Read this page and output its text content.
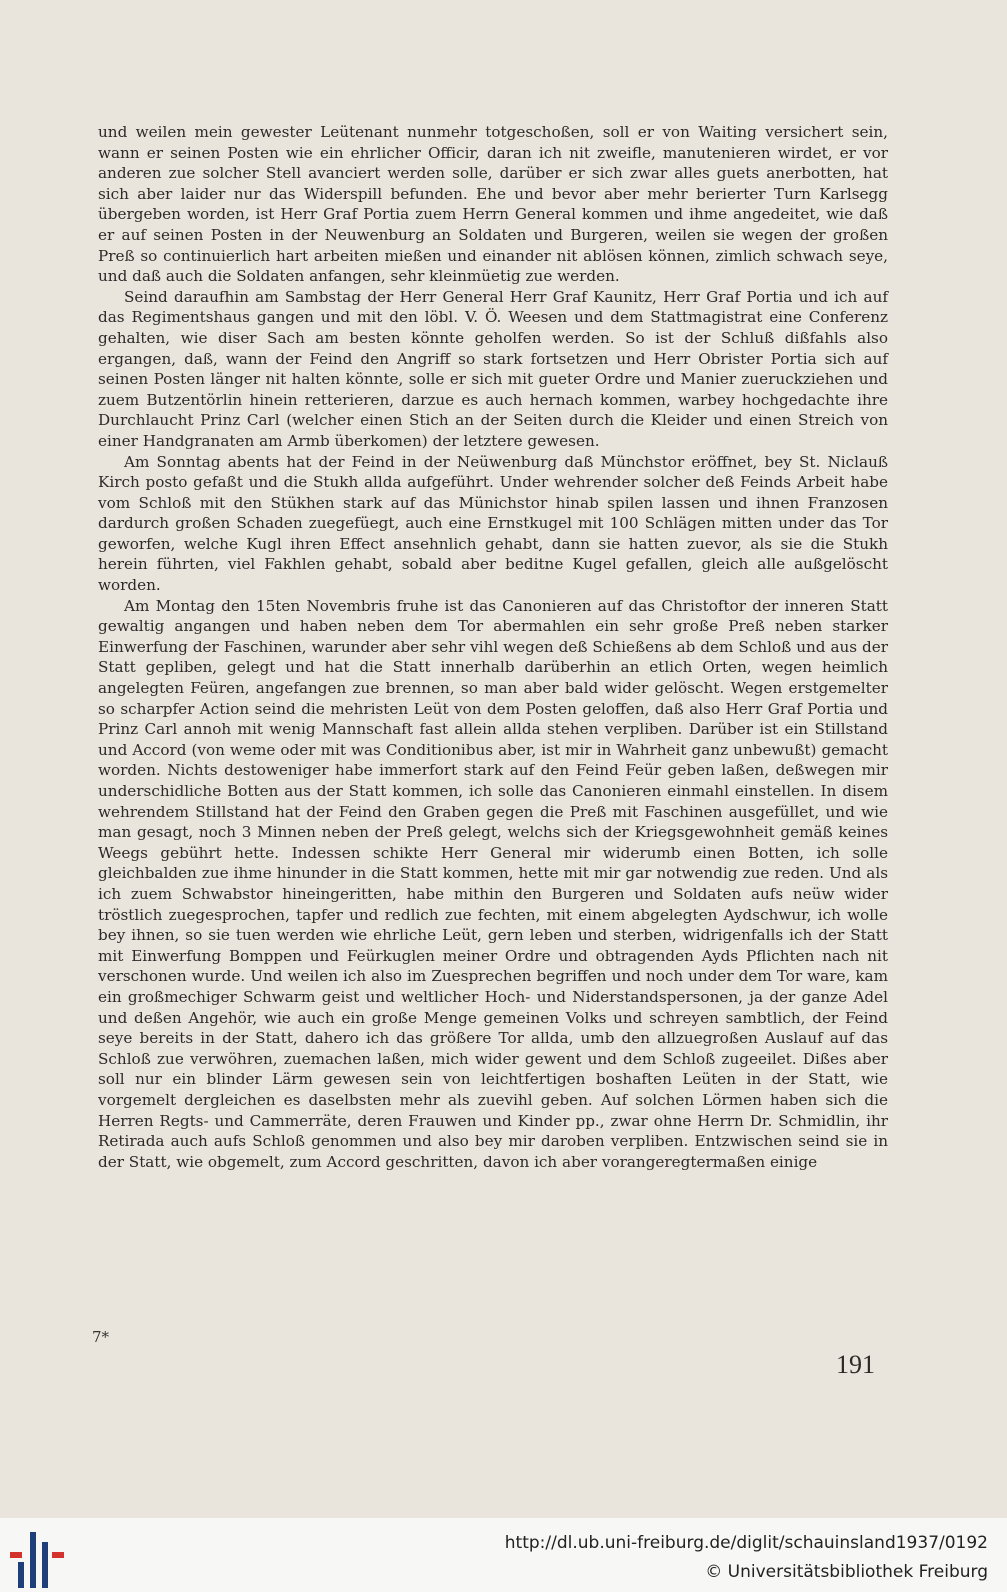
und weilen mein gewester Leütenant nunmehr totgeschoßen, soll er von Waiting versichert sein, wann er seinen Posten wie ein ehrlicher Officir, daran ich nit zweifle, manutenieren wirdet, er vor anderen zue solcher Stell avanciert werden solle, darüber er sich zwar alles guets anerbotten, hat sich aber laider nur das Widerspill befunden. Ehe und bevor aber mehr berierter Turn Karlsegg übergeben worden, ist Herr Graf Portia zuem Herrn General kommen und ihme angedeitet, wie daß er auf seinen Posten in der Neuwenburg an Soldaten und Burgeren, weilen sie wegen der großen Preß so continuierlich hart arbeiten mießen und einander nit ablösen können, zimlich schwach seye, und daß auch die Soldaten anfangen, sehr kleinmüetig zue werden.

Seind daraufhin am Sambstag der Herr General Herr Graf Kaunitz, Herr Graf Portia und ich auf das Regimentshaus gangen und mit den löbl. V. Ö. Weesen und dem Stattmagistrat eine Conferenz gehalten, wie diser Sach am besten könnte geholfen werden. So ist der Schluß dißfahls also ergangen, daß, wann der Feind den Angriff so stark fortsetzen und Herr Obrister Portia sich auf seinen Posten länger nit halten könnte, solle er sich mit gueter Ordre und Manier zueruckziehen und zuem Butzentörlin hinein retterieren, darzue es auch hernach kommen, warbey hochgedachte ihre Durchlaucht Prinz Carl (welcher einen Stich an der Seiten durch die Kleider und einen Streich von einer Handgranaten am Armb überkomen) der letztere gewesen.

Am Sonntag abents hat der Feind in der Neüwenburg daß Münchstor eröffnet, bey St. Niclauß Kirch posto gefaßt und die Stukh allda aufgeführt. Under wehrender solcher deß Feinds Arbeit habe vom Schloß mit den Stükhen stark auf das Münichstor hinab spilen lassen und ihnen Franzosen dardurch großen Schaden zuegefüegt, auch eine Ernstkugel mit 100 Schlägen mitten under das Tor geworfen, welche Kugl ihren Effect ansehnlich gehabt, dann sie hatten zuevor, als sie die Stukh herein führten, viel Fakhlen gehabt, sobald aber beditne Kugel gefallen, gleich alle außgelöscht worden.

Am Montag den 15ten Novembris fruhe ist das Canonieren auf das Christoftor der inneren Statt gewaltig angangen und haben neben dem Tor abermahlen ein sehr große Preß neben starker Einwerfung der Faschinen, warunder aber sehr vihl wegen deß Schießens ab dem Schloß und aus der Statt gepliben, gelegt und hat die Statt innerhalb darüberhin an etlich Orten, wegen heimlich angelegten Feüren, angefangen zue brennen, so man aber bald wider gelöscht. Wegen erstgemelter so scharpfer Action seind die mehristen Leüt von dem Posten geloffen, daß also Herr Graf Portia und Prinz Carl annoh mit wenig Mannschaft fast allein allda stehen verpliben. Darüber ist ein Stillstand und Accord (von weme oder mit was Conditionibus aber, ist mir in Wahrheit ganz unbewußt) gemacht worden. Nichts destoweniger habe immerfort stark auf den Feind Feür geben laßen, deßwegen mir underschidliche Botten aus der Statt kommen, ich solle das Canonieren einmahl einstellen. In disem wehrendem Stillstand hat der Feind den Graben gegen die Preß mit Faschinen ausgefüllet, und wie man gesagt, noch 3 Minnen neben der Preß gelegt, welchs sich der Kriegsgewohnheit gemäß keines Weegs gebührt hette. Indessen schikte Herr General mir widerumb einen Botten, ich solle gleichbalden zue ihme hinunder in die Statt kommen, hette mit mir gar notwendig zue reden. Und als ich zuem Schwabstor hineingeritten, habe mithin den Burgeren und Soldaten aufs neüw wider tröstlich zuegesprochen, tapfer und redlich zue fechten, mit einem abgelegten Aydschwur, ich wolle bey ihnen, so sie tuen werden wie ehrliche Leüt, gern leben und sterben, widrigenfalls ich der Statt mit Einwerfung Bomppen und Feürkuglen meiner Ordre und obtragenden Ayds Pflichten nach nit verschonen wurde. Und weilen ich also im Zuesprechen begriffen und noch under dem Tor ware, kam ein großmechiger Schwarm geist und weltlicher Hoch- und Niderstandspersonen, ja der ganze Adel und deßen Angehör, wie auch ein große Menge gemeinen Volks und schreyen sambtlich, der Feind seye bereits in der Statt, dahero ich das größere Tor allda, umb den allzuegroßen Auslauf auf das Schloß zue verwöhren, zuemachen laßen, mich wider gewent und dem Schloß zugeeilet. Dißes aber soll nur ein blinder Lärm gewesen sein von leichtfertigen boshaften Leüten in der Statt, wie vorgemelt dergleichen es daselbsten mehr als zuevihl geben. Auf solchen Lörmen haben sich die Herren Regts- und Cammerräte, deren Frauwen und Kinder pp., zwar ohne Herrn Dr. Schmidlin, ihr Retirada auch aufs Schloß genommen und also bey mir daroben verpliben. Entzwischen seind sie in der Statt, wie obgemelt, zum Accord geschritten, davon ich aber vorangeregtermaßen einige

7*
191
http://dl.ub.uni-freiburg.de/diglit/schauinsland1937/0192
© Universitätsbibliothek Freiburg
